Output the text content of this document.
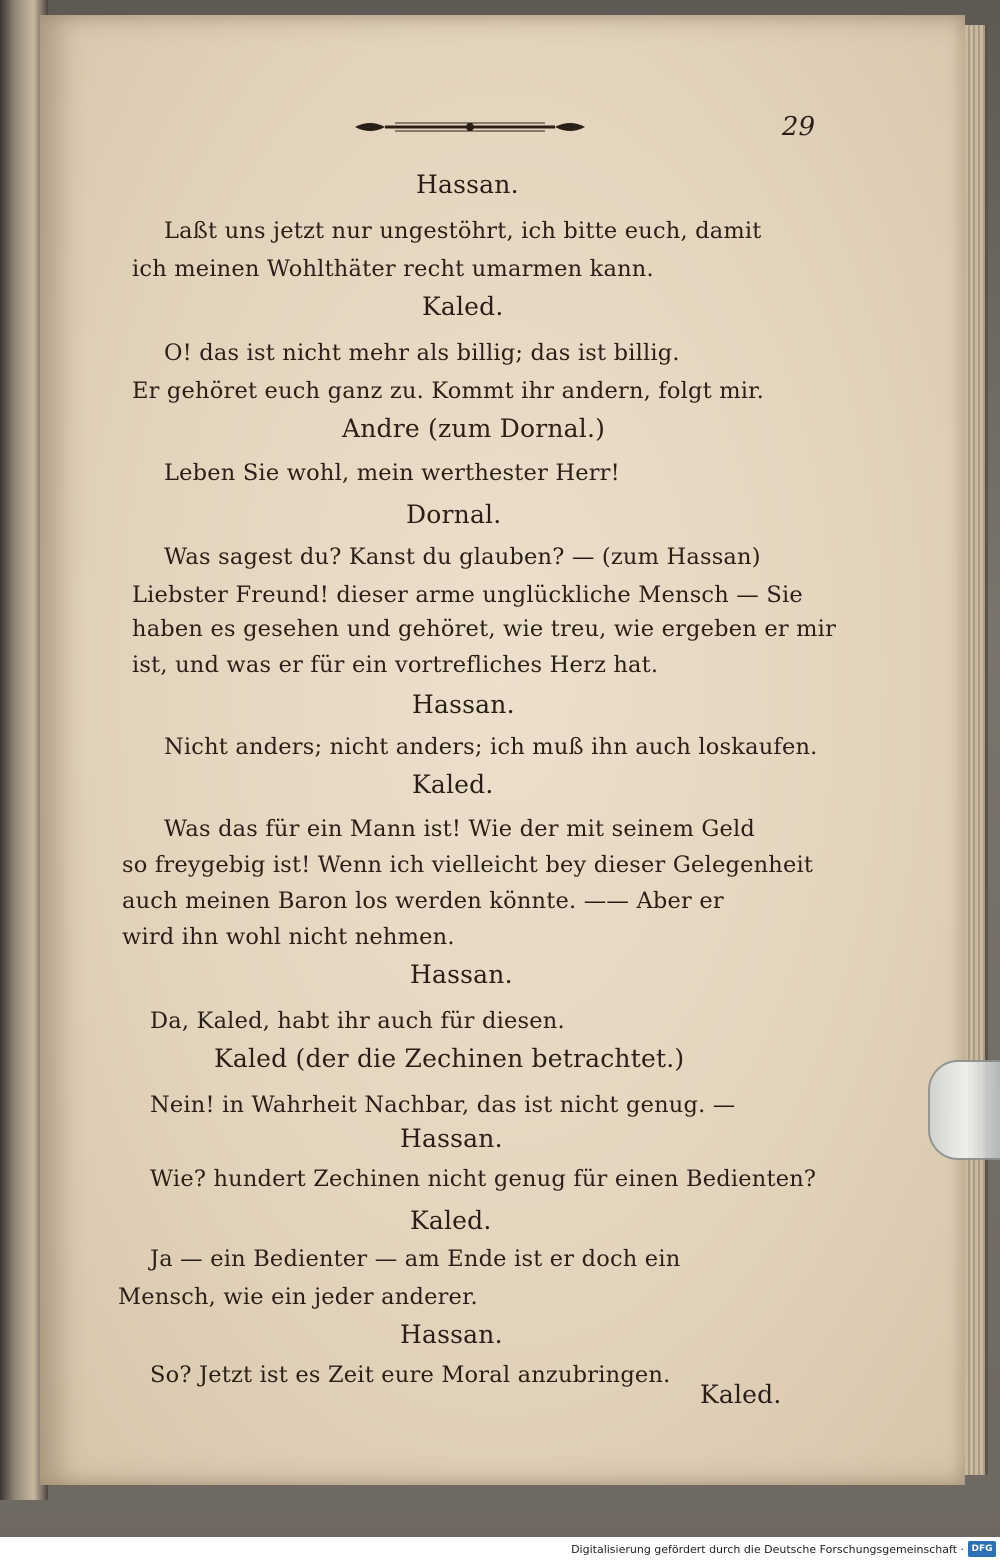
29
Hassan.
Laßt uns jetzt nur ungestöhrt, ich bitte euch, damit
ich meinen Wohlthäter recht umarmen kann.
Kaled.
O! das ist nicht mehr als billig; das ist billig.
Er gehöret euch ganz zu. Kommt ihr andern, folgt mir.
Andre (zum Dornal.)
Leben Sie wohl, mein werthester Herr!
Dornal.
Was sagest du? Kanst du glauben? — (zum Hassan)
Liebster Freund! dieser arme unglückliche Mensch — Sie
haben es gesehen und gehöret, wie treu, wie ergeben er mir
ist, und was er für ein vortrefliches Herz hat.
Hassan.
Nicht anders; nicht anders; ich muß ihn auch loskaufen.
Kaled.
Was das für ein Mann ist! Wie der mit seinem Geld
so freygebig ist! Wenn ich vielleicht bey dieser Gelegenheit
auch meinen Baron los werden könnte. —— Aber er
wird ihn wohl nicht nehmen.
Hassan.
Da, Kaled, habt ihr auch für diesen.
Kaled (der die Zechinen betrachtet.)
Nein! in Wahrheit Nachbar, das ist nicht genug. —
Hassan.
Wie? hundert Zechinen nicht genug für einen Bedienten?
Kaled.
Ja — ein Bedienter — am Ende ist er doch ein
Mensch, wie ein jeder anderer.
Hassan.
So? Jetzt ist es Zeit eure Moral anzubringen.
Kaled.
Digitalisierung gefördert durch die Deutsche Forschungsgemeinschaft · DFG
